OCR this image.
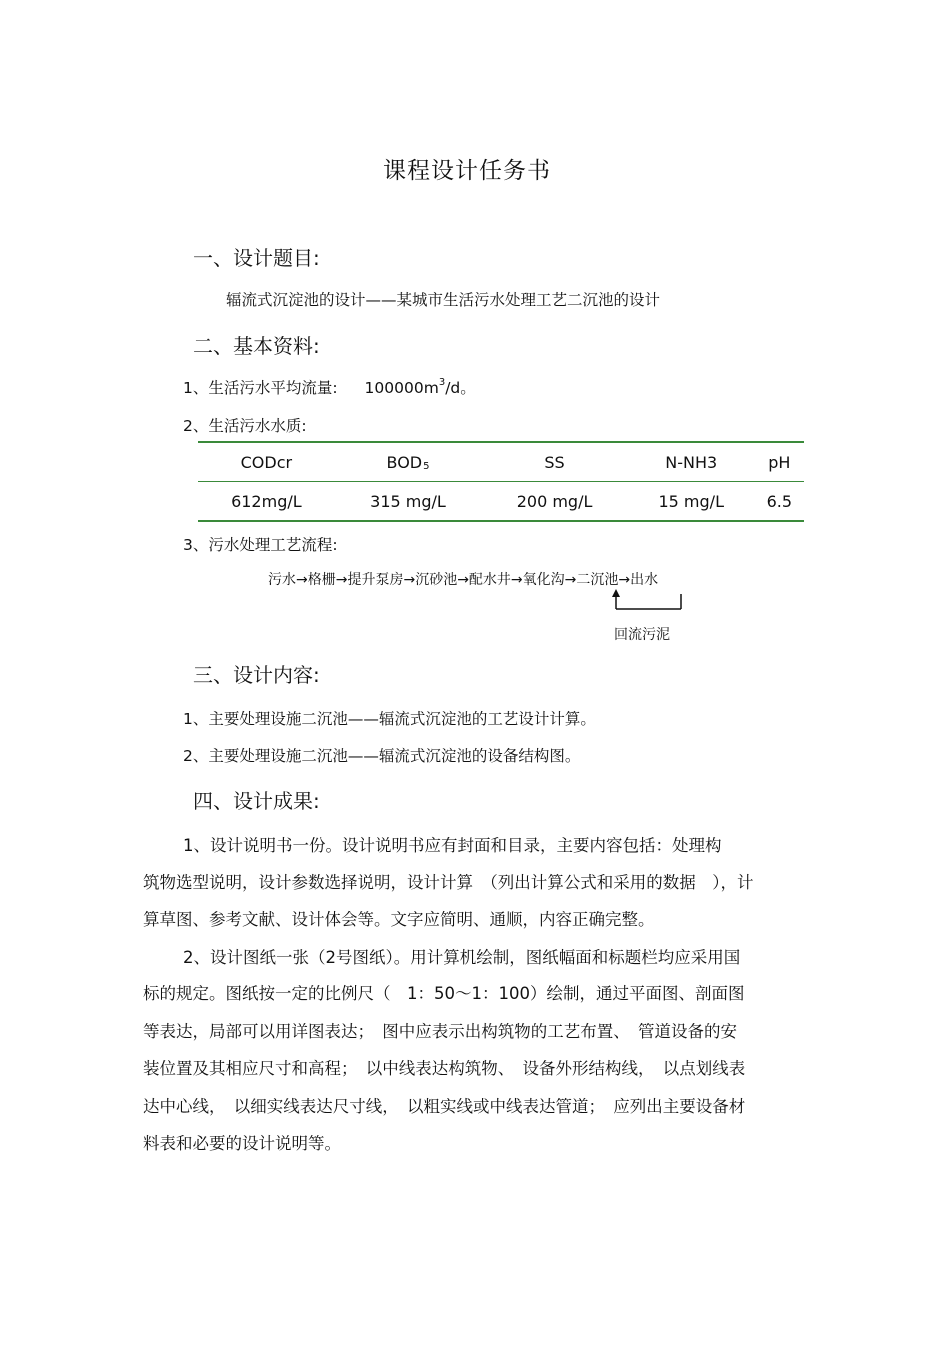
课程设计任务书
一、设计题目:
辐流式沉淀池的设计——某城市生活污水处理工艺二沉池的设计
二、基本资料:
1、生活污水平均流量: $100000m^3/d$。
2、生活污水水质:
CODcr	BOD5	SS	N-NH3	pH
612mg/L	315 mg/L	200 mg/L	15 mg/L	6.5
3、污水处理工艺流程:
污水→格栅→提升泵房→沉砂池→配水井→氧化沟→二沉池→出水
回流污泥
三、设计内容:
1、主要处理设施二沉池——辐流式沉淀池的工艺设计计算。
2、主要处理设施二沉池——辐流式沉淀池的设备结构图。
四、设计成果:
1、设计说明书一份。设计说明书应有封面和目录，主要内容包括：处理构
筑物选型说明，设计参数选择说明，设计计算　（列出计算公式和采用的数据　），计
算草图、参考文献、设计体会等。文字应简明、通顺，内容正确完整。
2、设计图纸一张（2号图纸）。用计算机绘制，图纸幅面和标题栏均应采用国
标的规定。图纸按一定的比例尺（　1：50～1：100）绘制，通过平面图、剖面图
等表达，局部可以用详图表达；　图中应表示出构筑物的工艺布置、　管道设备的安
装位置及其相应尺寸和高程；　以中线表达构筑物、　设备外形结构线，　以点划线表
达中心线，　以细实线表达尺寸线，　以粗实线或中线表达管道；　应列出主要设备材
料表和必要的设计说明等。
